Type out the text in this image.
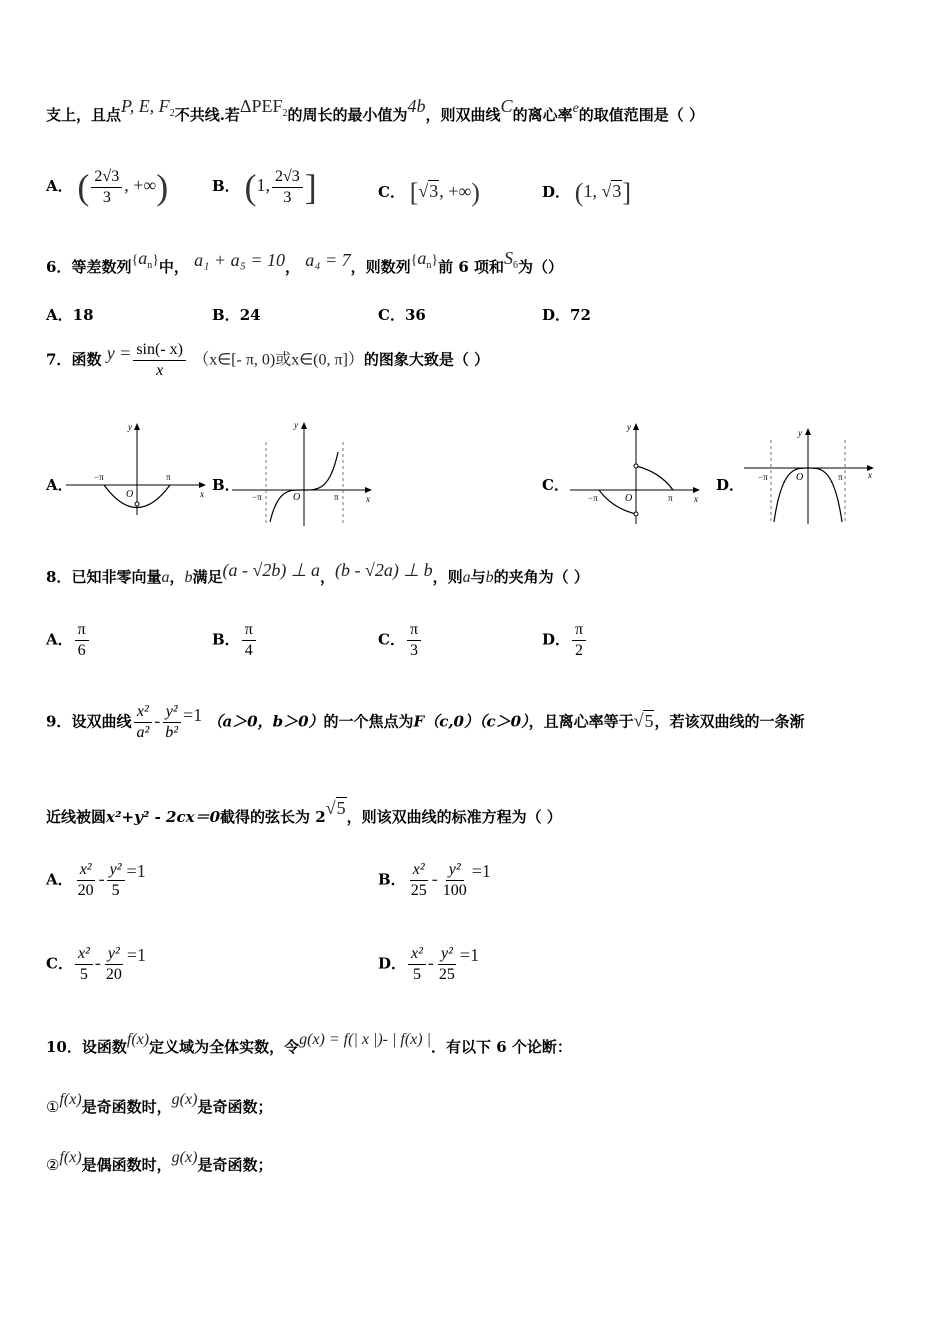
支上，且点P, E, $F_2$不共线.若$\Delta PEF_2$的周长的最小值为4b，则双曲线C的离心率e的取值范围是（ ）
A． ( $\frac{2√3}{3}$ , +∞)	B． (1, $\frac{2√3}{3}$ ]	C． [√3, +∞)	D． (1, √3]
6．等差数列$\{a_n\}$中， a₁ + a₅ = 10， a₄ = 7，则数列$\{a_n\}$前 6 项和$S_6$为（）
A．18	B．24	C．36	D．72
7．函数 $y = \frac{\sin(- x)}{x}$ （x∈[- π, 0)或x∈(0, π]）的图象大致是（ ）
A． −π	π
O	x
y
B．
−π	π
O	x
y
C．
−π	π
O	x
y
D． −π	π
O	x
y
8．已知非零向量a，b满足(a - √2b) ⊥ a，(b - √2a) ⊥ b，则a与b的夹角为（ ）
A． $\frac{\pi}{6}$	B． $\frac{\pi}{4}$	C． $\frac{\pi}{3}$	D． $\frac{\pi}{2}$
9．设双曲线 $\frac{\text{x²}}{\text{a²}} - \frac{\text{y²}}{\text{b²}} =1$ （a＞0，b＞0）的一个焦点为F（c,0）（c＞0），且离心率等于√5，若该双曲线的一条渐
近线被圆x²+y² - 2cx＝0截得的弦长为 2√5，则该双曲线的标准方程为（ ）
A． $\frac{\text{x²}}{20} - \frac{\text{y²}}{5} =1$	B． $\frac{\text{x²}}{25} - \frac{\text{y²}}{100} =1$
C． $\frac{\text{x²}}{5} - \frac{\text{y²}}{20} =1$	D． $\frac{\text{x²}}{5} - \frac{\text{y²}}{25} =1$
10．设函数f(x)定义域为全体实数，令g(x) = f(| x |)- | f(x) |．有以下 6 个论断：
①f(x)是奇函数时，g(x)是奇函数；
②f(x)是偶函数时，g(x)是奇函数；
